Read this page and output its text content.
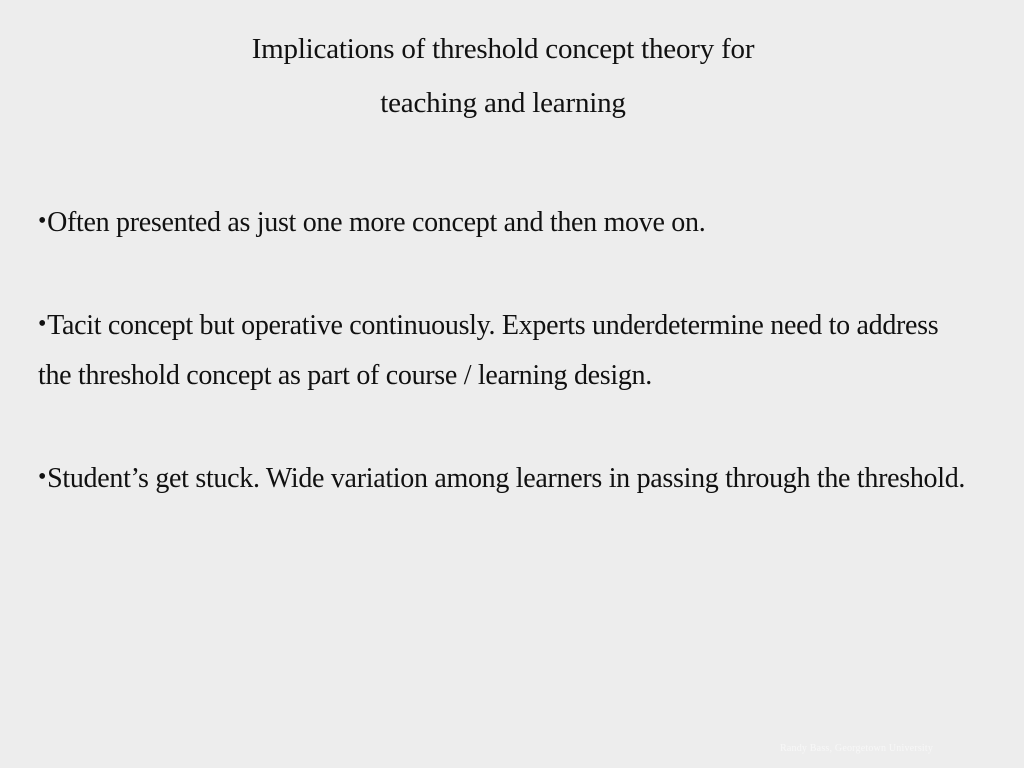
Implications of threshold concept theory for
teaching and learning
•Often presented as just one more concept and then move on.
•Tacit concept but operative continuously. Experts underdetermine need to address the threshold concept as part of course / learning design.
•Student’s get stuck. Wide variation among learners in passing through the threshold.
Randy Bass, Georgetown University
